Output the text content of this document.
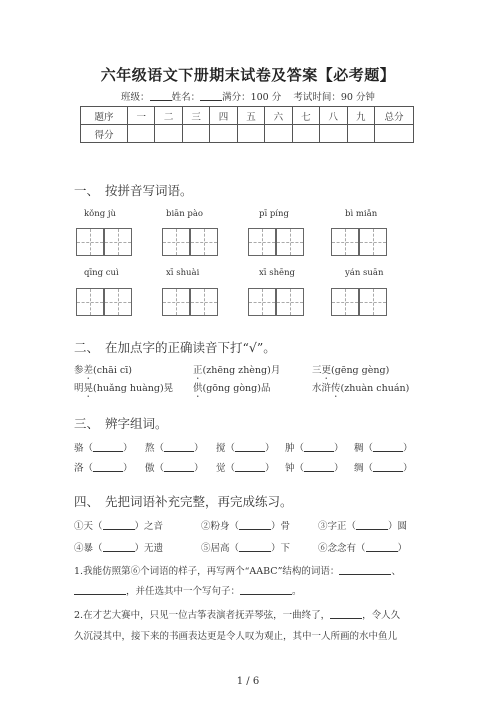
六年级语文下册期末试卷及答案【必考题】
班级： 姓名： 满分：100 分 考试时间：90 分钟
题序	一	二	三	四	五	六	七	八	九	总分
得分										
一、 按拼音写词语。
kǒng jù	biān pào	pī píng	bì miǎn
qīng cuì	xī shuài	xī shēng	yán suān
二、 在加点字的正确读音下打“√”。
参差(chāi cī)	正(zhēng zhèng)月	三更(gēng gèng)
明晃(huǎng huàng)晃 供(gōng gòng)品	水浒传(zhuàn chuán)
三、 辨字组词。
骆（	） 熬（	） 搅（	） 肿（	） 稠（	）
洛（	） 傲（	） 觉（	） 钟（	） 绸（	）
四、 先把词语补充完整，再完成练习。
①天（	）之音	②粉身（	）骨	③字正（	）圆
④暴（	）无遗	⑤居高（	）下	⑥念念有（	）
1.我能仿照第⑥个词语的样子，再写两个“AABC”结构的词语：	、
，并任选其中一个写句子：	。
2.在才艺大赛中，只见一位古筝表演者抚弄琴弦，一曲终了，	，令人久
久沉浸其中，接下来的书画表达更是令人叹为观止，其中一人所画的水中鱼儿
1 / 6
